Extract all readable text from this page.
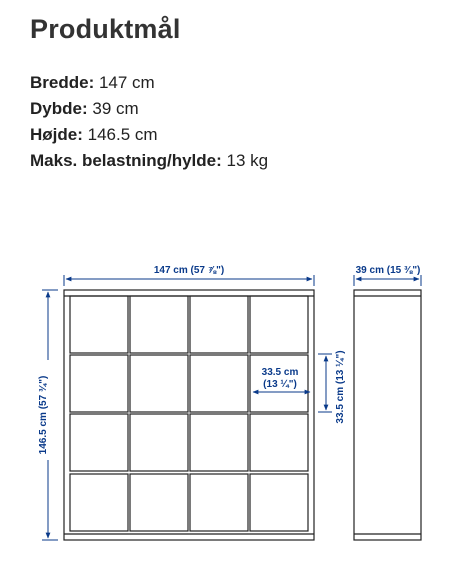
Produktmål
Bredde: 147 cm
Dybde: 39 cm
Højde: 146.5 cm
Maks. belastning/hylde: 13 kg
147 cm (57 ⅞")	39 cm (15 ⅜")
146.5 cm (57 ¾")
33.5 cm
(13 ¼")	33.5 cm (13 ¼")
